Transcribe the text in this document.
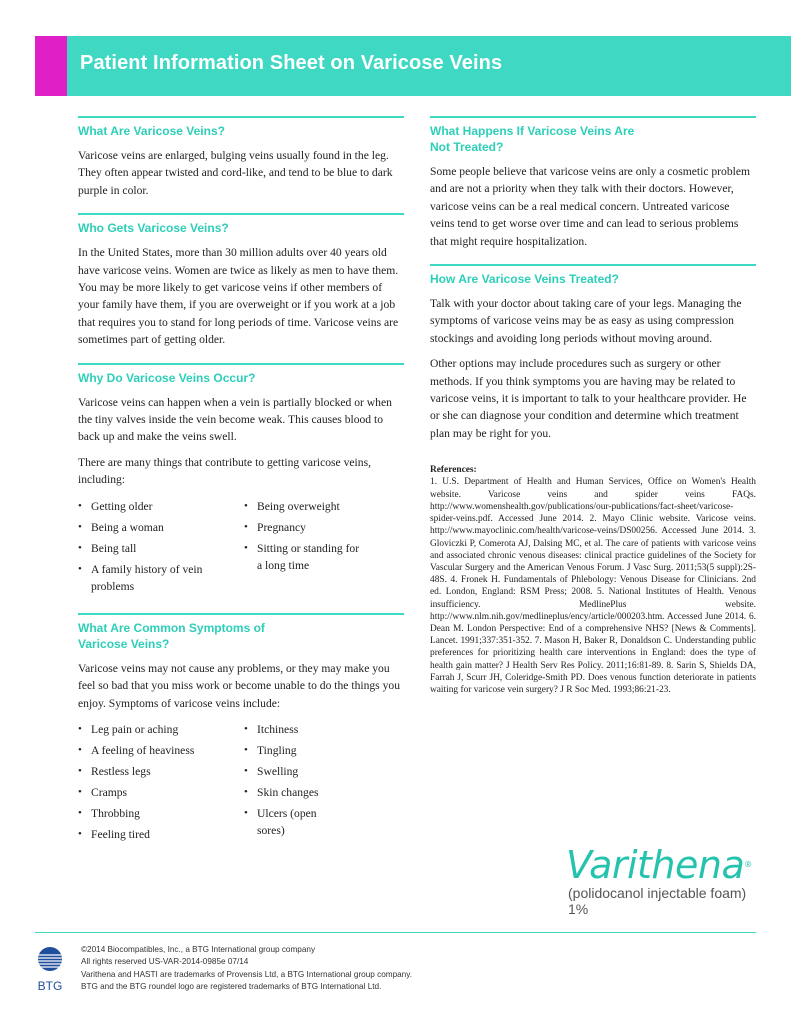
Patient Information Sheet on Varicose Veins
What Are Varicose Veins?

Varicose veins are enlarged, bulging veins usually found in the leg. They often appear twisted and cord-like, and tend to be blue to dark purple in color.

Who Gets Varicose Veins?

In the United States, more than 30 million adults over 40 years old have varicose veins. Women are twice as likely as men to have them. You may be more likely to get varicose veins if other members of your family have them, if you are overweight or if you work at a job that requires you to stand for long periods of time. Varicose veins are sometimes part of getting older.

Why Do Varicose Veins Occur?

Varicose veins can happen when a vein is partially blocked or when the tiny valves inside the vein become weak. This causes blood to back up and make the veins swell.

There are many things that contribute to getting varicose veins, including:

• Getting older
• Being a woman
• Being tall
• A family history of vein problems
• Being overweight
• Pregnancy
• Sitting or standing for a long time
What Are Common Symptoms of
Varicose Veins?

Varicose veins may not cause any problems, or they may make you feel so bad that you miss work or become unable to do the things you enjoy. Symptoms of varicose veins include:

• Leg pain or aching
• A feeling of heaviness
• Restless legs
• Cramps
• Throbbing
• Feeling tired
• Itchiness
• Tingling
• Swelling
• Skin changes
• Ulcers (open sores)
What Happens If Varicose Veins Are
Not Treated?

Some people believe that varicose veins are only a cosmetic problem and are not a priority when they talk with their doctors. However, varicose veins can be a real medical concern. Untreated varicose veins tend to get worse over time and can lead to serious problems that might require hospitalization.

How Are Varicose Veins Treated?

Talk with your doctor about taking care of your legs. Managing the symptoms of varicose veins may be as easy as using compression stockings and avoiding long periods without moving around.

Other options may include procedures such as surgery or other methods. If you think symptoms you are having may be related to varicose veins, it is important to talk to your healthcare provider. He or she can diagnose your condition and determine which treatment plan may be right for you.

References:
1. U.S. Department of Health and Human Services, Office on Women's Health website. Varicose veins and spider veins FAQs. http://www.womenshealth.gov/publications/our-publications/fact-sheet/varicose-spider-veins.pdf. Accessed June 2014. 2. Mayo Clinic website. Varicose veins. http://www.mayoclinic.com/health/varicose-veins/DS00256. Accessed June 2014. 3. Gloviczki P, Comerota AJ, Dalsing MC, et al. The care of patients with varicose veins and associated chronic venous diseases: clinical practice guidelines of the Society for Vascular Surgery and the American Venous Forum. J Vasc Surg. 2011;53(5 suppl):2S-48S. 4. Fronek H. Fundamentals of Phlebology: Venous Disease for Clinicians. 2nd ed. London, England: RSM Press; 2008. 5. National Institutes of Health. Venous insufficiency. MedlinePlus website. http://www.nlm.nih.gov/medlineplus/ency/article/000203.htm. Accessed June 2014. 6. Dean M. London Perspective: End of a comprehensive NHS? [News & Comments]. Lancet. 1991;337:351-352. 7. Mason H, Baker R, Donaldson C. Understanding public preferences for prioritizing health care interventions in England: does the type of health gain matter? J Health Serv Res Policy. 2011;16:81-89. 8. Sarin S, Shields DA, Farrah J, Scurr JH, Coleridge-Smith PD. Does venous function deteriorate in patients waiting for varicose vein surgery? J R Soc Med. 1993;86:21-23.
Varithena®
(polidocanol injectable foam) 1%
BTG
©2014 Biocompatibles, Inc., a BTG International group company
All rights reserved US-VAR-2014-0985e 07/14
Varithena and HASTI are trademarks of Provensis Ltd, a BTG International group company.
BTG and the BTG roundel logo are registered trademarks of BTG International Ltd.
